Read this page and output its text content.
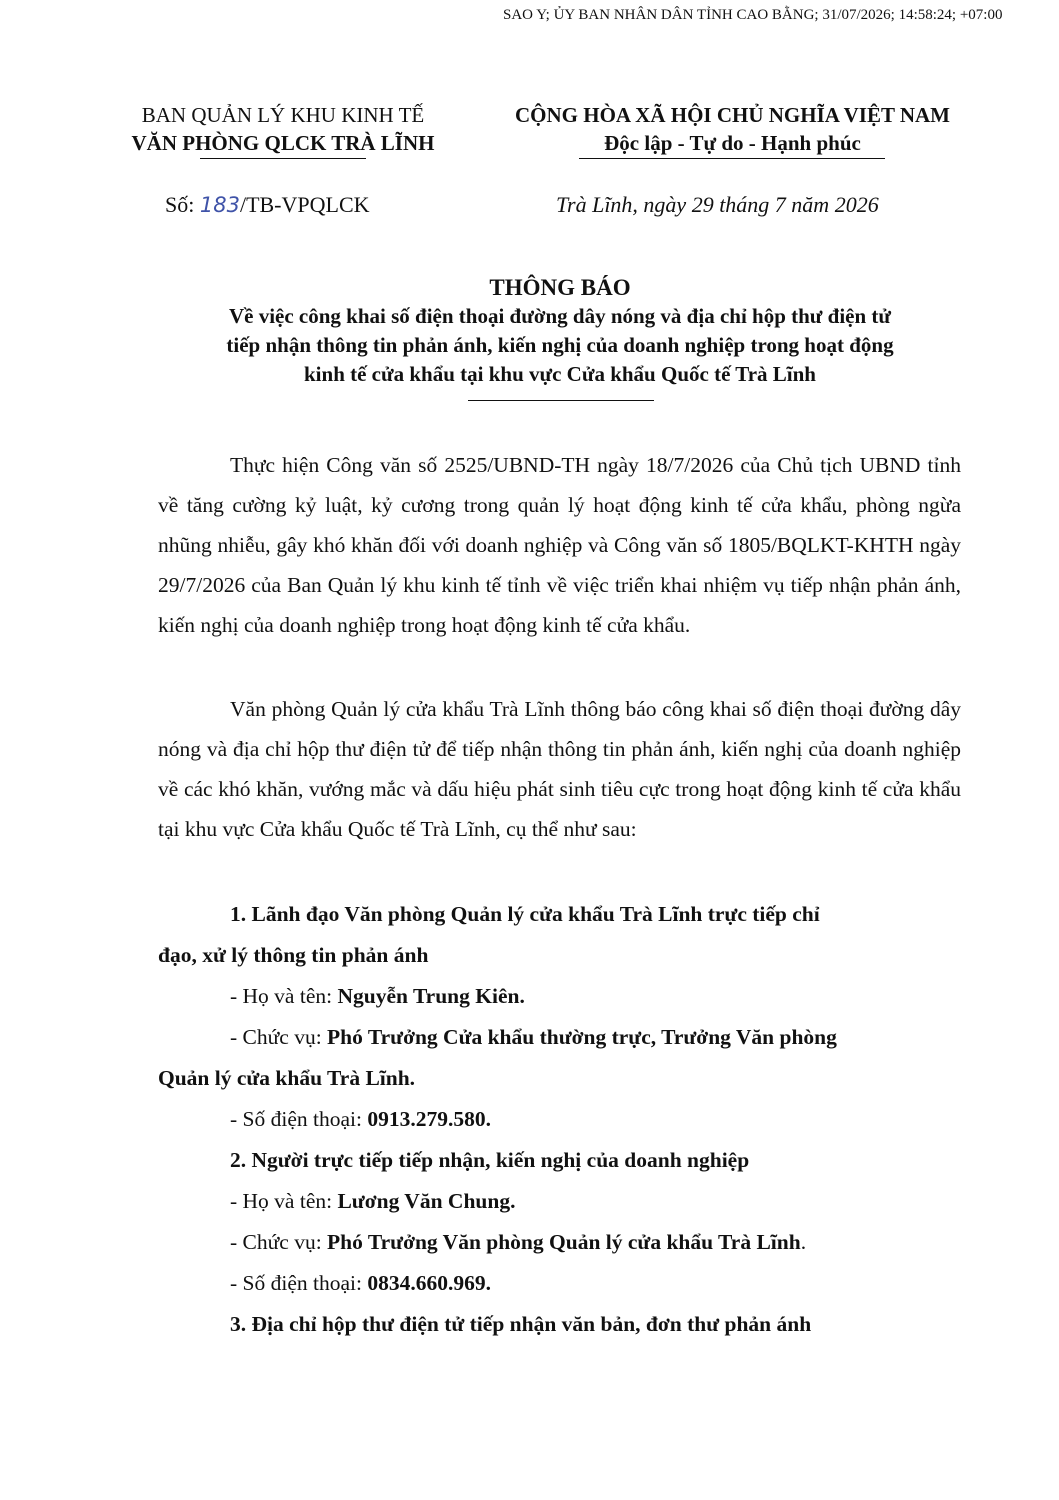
SAO Y; ỦY BAN NHÂN DÂN TỈNH CAO BẰNG; 31/07/2026; 14:58:24; +07:00
BAN QUẢN LÝ KHU KINH TẾ
VĂN PHÒNG QLCK TRÀ LĨNH
CỘNG HÒA XÃ HỘI CHỦ NGHĨA VIỆT NAM
Độc lập - Tự do - Hạnh phúc
Số: 183/TB-VPQLCK	Trà Lĩnh, ngày 29 tháng 7 năm 2026
THÔNG BÁO
Về việc công khai số điện thoại đường dây nóng và địa chỉ hộp thư điện tử
tiếp nhận thông tin phản ánh, kiến nghị của doanh nghiệp trong hoạt động
kinh tế cửa khẩu tại khu vực Cửa khẩu Quốc tế Trà Lĩnh
Thực hiện Công văn số 2525/UBND-TH ngày 18/7/2026 của Chủ tịch UBND tỉnh về tăng cường kỷ luật, kỷ cương trong quản lý hoạt động kinh tế cửa khẩu, phòng ngừa nhũng nhiễu, gây khó khăn đối với doanh nghiệp và Công văn số 1805/BQLKT-KHTH ngày 29/7/2026 của Ban Quản lý khu kinh tế tỉnh về việc triển khai nhiệm vụ tiếp nhận phản ánh, kiến nghị của doanh nghiệp trong hoạt động kinh tế cửa khẩu.
Văn phòng Quản lý cửa khẩu Trà Lĩnh thông báo công khai số điện thoại đường dây nóng và địa chỉ hộp thư điện tử để tiếp nhận thông tin phản ánh, kiến nghị của doanh nghiệp về các khó khăn, vướng mắc và dấu hiệu phát sinh tiêu cực trong hoạt động kinh tế cửa khẩu tại khu vực Cửa khẩu Quốc tế Trà Lĩnh, cụ thể như sau:
1. Lãnh đạo Văn phòng Quản lý cửa khẩu Trà Lĩnh trực tiếp chỉ
đạo, xử lý thông tin phản ánh
- Họ và tên: Nguyễn Trung Kiên.
- Chức vụ: Phó Trưởng Cửa khẩu thường trực, Trưởng Văn phòng
Quản lý cửa khẩu Trà Lĩnh.
- Số điện thoại: 0913.279.580.
2. Người trực tiếp tiếp nhận, kiến nghị của doanh nghiệp
- Họ và tên: Lương Văn Chung.
- Chức vụ: Phó Trưởng Văn phòng Quản lý cửa khẩu Trà Lĩnh.
- Số điện thoại: 0834.660.969.
3. Địa chỉ hộp thư điện tử tiếp nhận văn bản, đơn thư phản ánh
